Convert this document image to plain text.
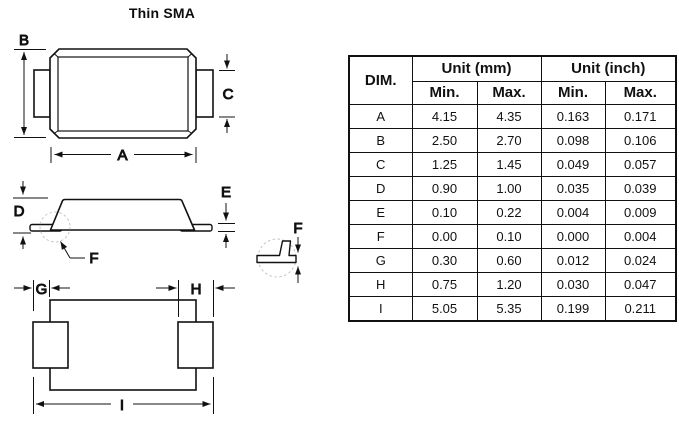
Thin SMA
B
C
A
D
E
F
F
G	H
I
DIM.	Unit (mm)		Unit (inch)	
	Min.	Max.	Min.	Max.
A	4.15	4.35	0.163	0.171
B	2.50	2.70	0.098	0.106
C	1.25	1.45	0.049	0.057
D	0.90	1.00	0.035	0.039
E	0.10	0.22	0.004	0.009
F	0.00	0.10	0.000	0.004
G	0.30	0.60	0.012	0.024
H	0.75	1.20	0.030	0.047
I	5.05	5.35	0.199	0.211
